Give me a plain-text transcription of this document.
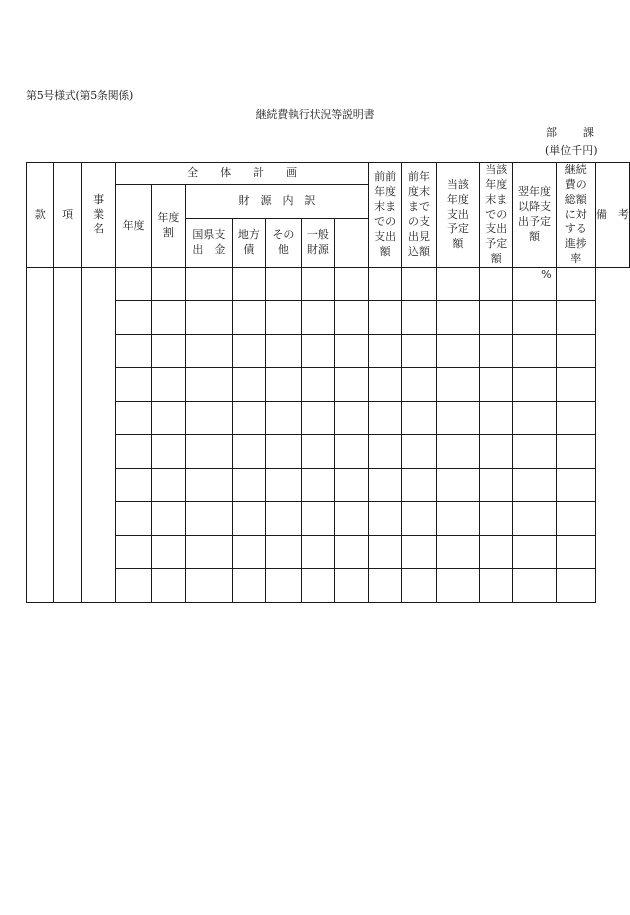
第5号様式(第5条関係)
継続費執行状況等説明書
部 課
(単位千円)
款	項	事業名	全　　体　　計　　画							前前年度末までの支出額	前年度末までの支出見込額	当該年度支出予定額	当該年度末までの支出予定額	翌年度以降支出予定額	継続費の総額に対する進捗率	備　考
			年度	年度割	財　源　内　訳											
					国県支出　金	地方債	その他	一般財源							
														%		
